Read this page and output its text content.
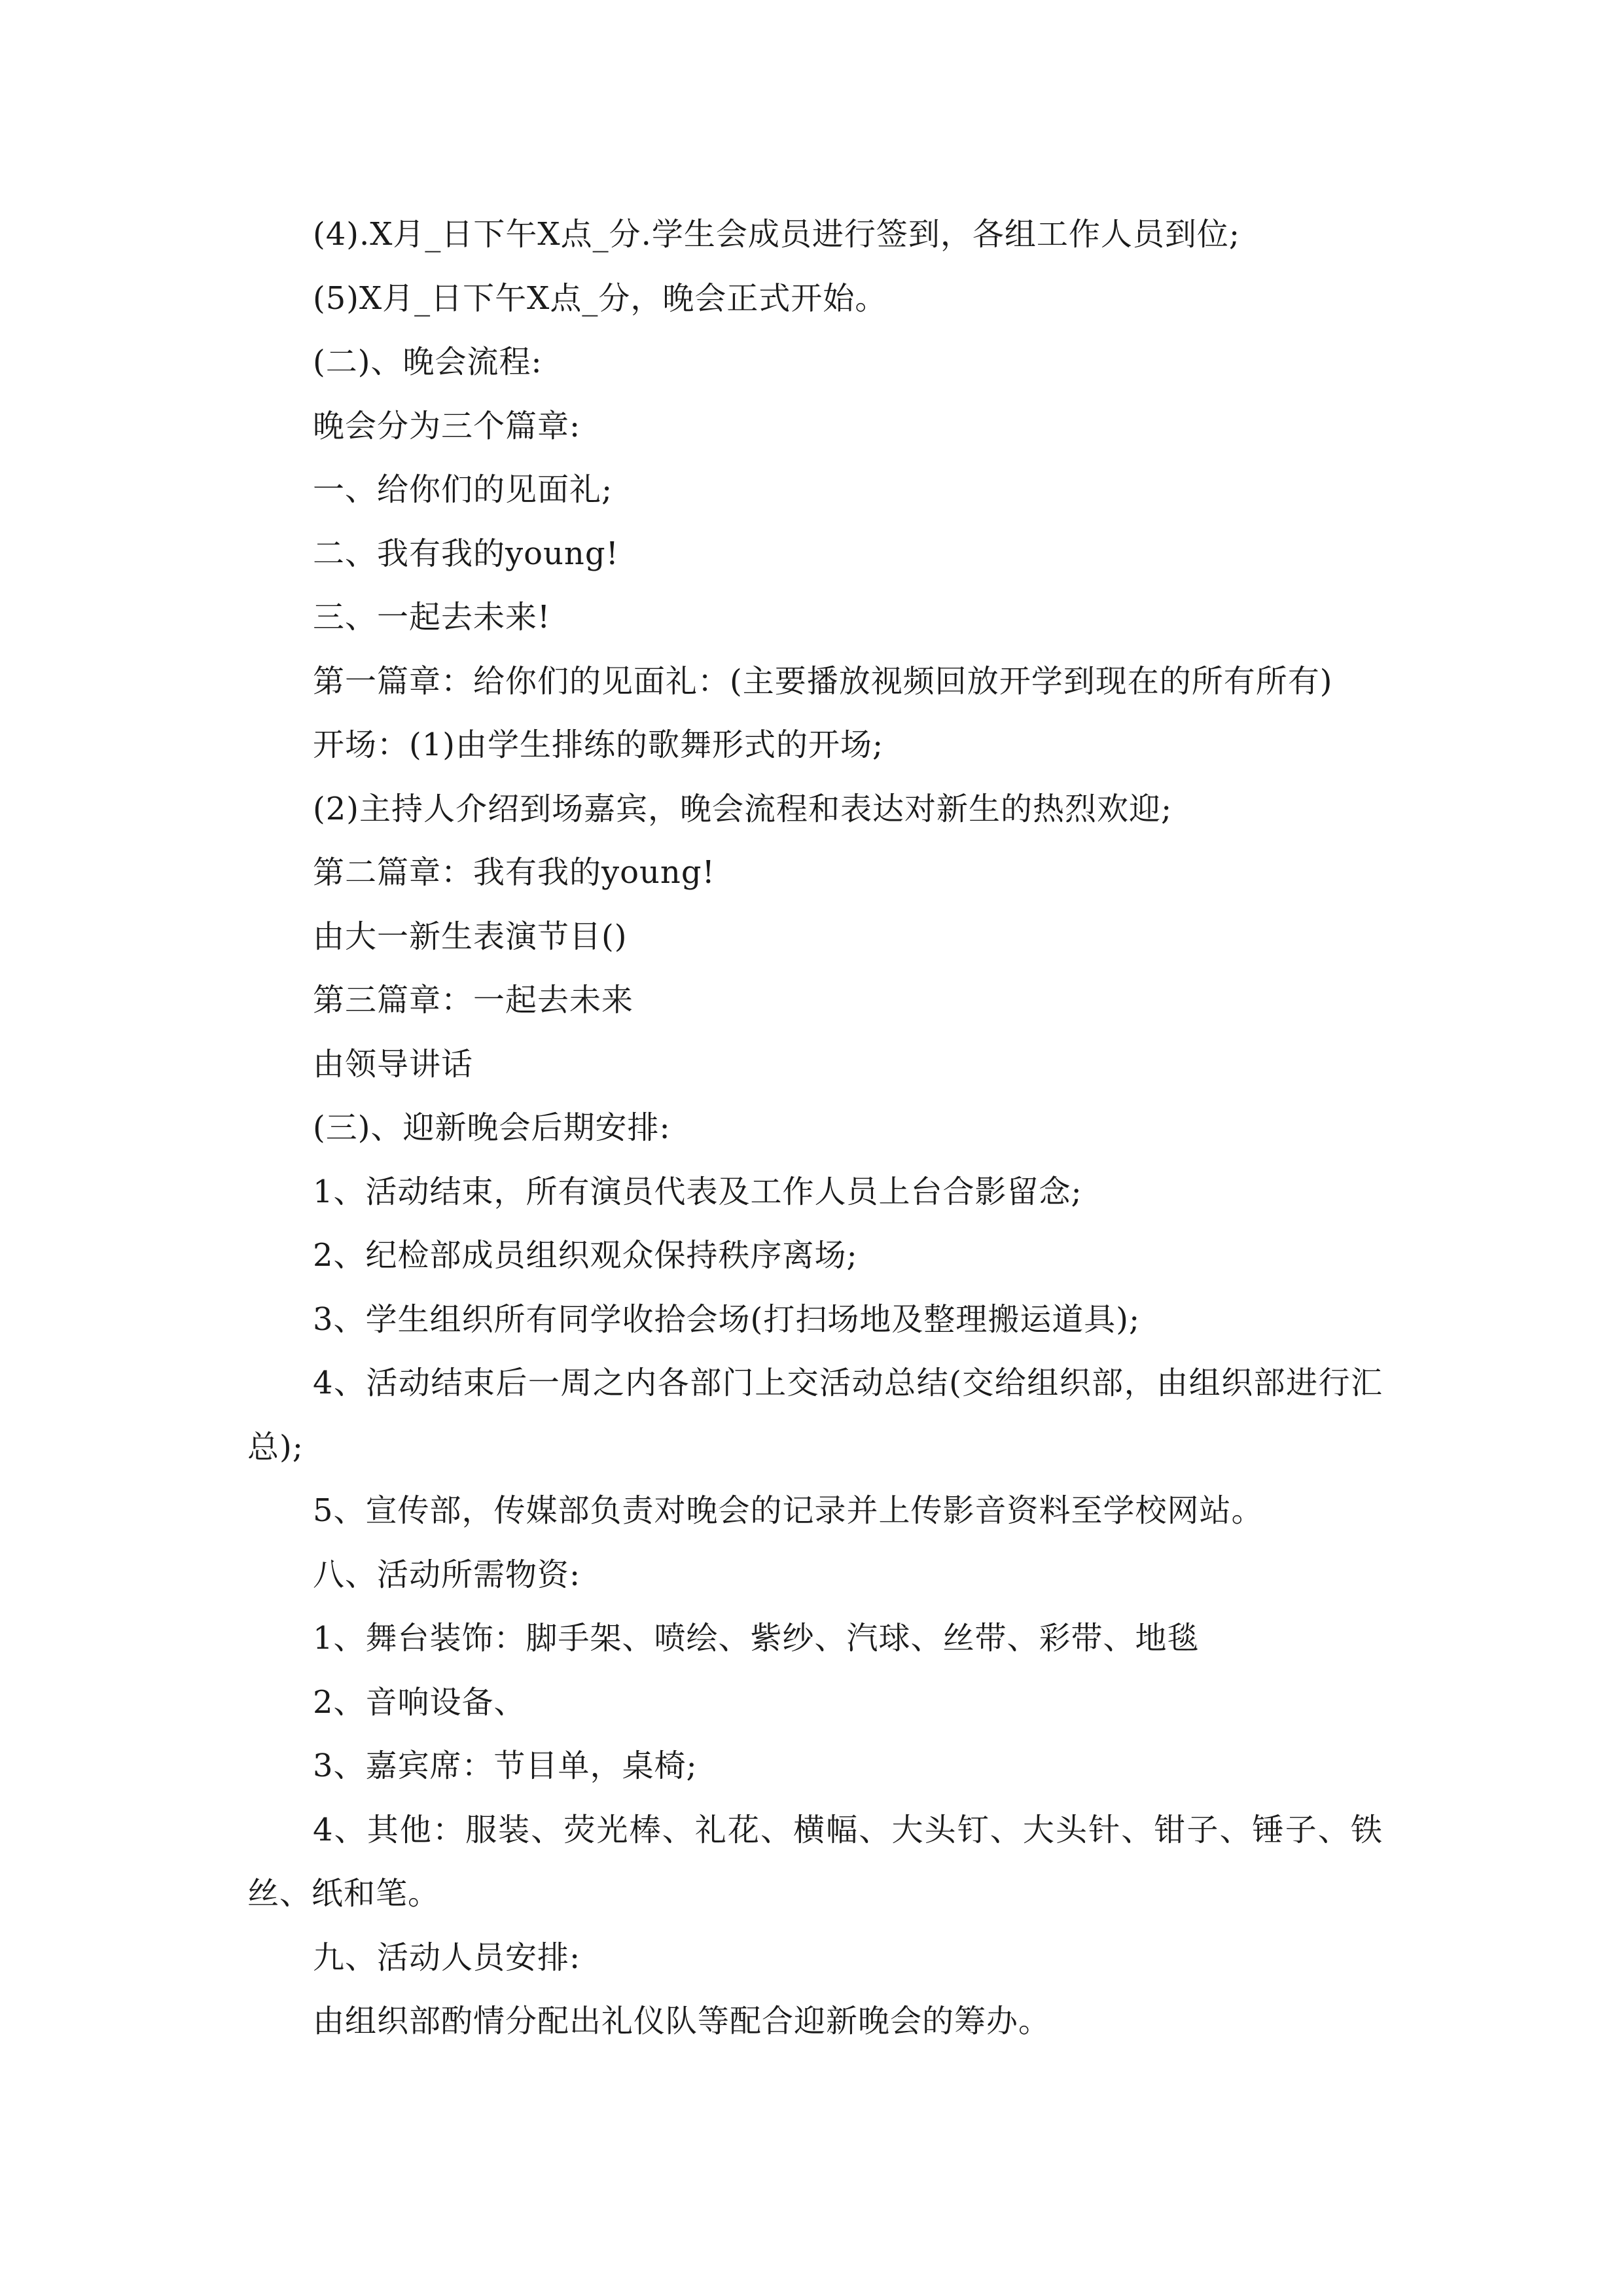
(4).X月_日下午X点_分.学生会成员进行签到，各组工作人员到位;
(5)X月_日下午X点_分，晚会正式开始。
(二)、晚会流程:
晚会分为三个篇章:
一、给你们的见面礼;
二、我有我的young!
三、一起去未来!
第一篇章：给你们的见面礼：(主要播放视频回放开学到现在的所有所有)
开场：(1)由学生排练的歌舞形式的开场;
(2)主持人介绍到场嘉宾，晚会流程和表达对新生的热烈欢迎;
第二篇章：我有我的young!
由大一新生表演节目()
第三篇章：一起去未来
由领导讲话
(三)、迎新晚会后期安排:
1、活动结束，所有演员代表及工作人员上台合影留念;
2、纪检部成员组织观众保持秩序离场;
3、学生组织所有同学收拾会场(打扫场地及整理搬运道具);
4、活动结束后一周之内各部门上交活动总结(交给组织部，由组织部进行汇
总);
5、宣传部，传媒部负责对晚会的记录并上传影音资料至学校网站。
八、活动所需物资:
1、舞台装饰：脚手架、喷绘、紫纱、汽球、丝带、彩带、地毯
2、音响设备、
3、嘉宾席：节目单，桌椅;
4、其他：服装、荧光棒、礼花、横幅、大头钉、大头针、钳子、锤子、铁
丝、纸和笔。
九、活动人员安排:
由组织部酌情分配出礼仪队等配合迎新晚会的筹办。
